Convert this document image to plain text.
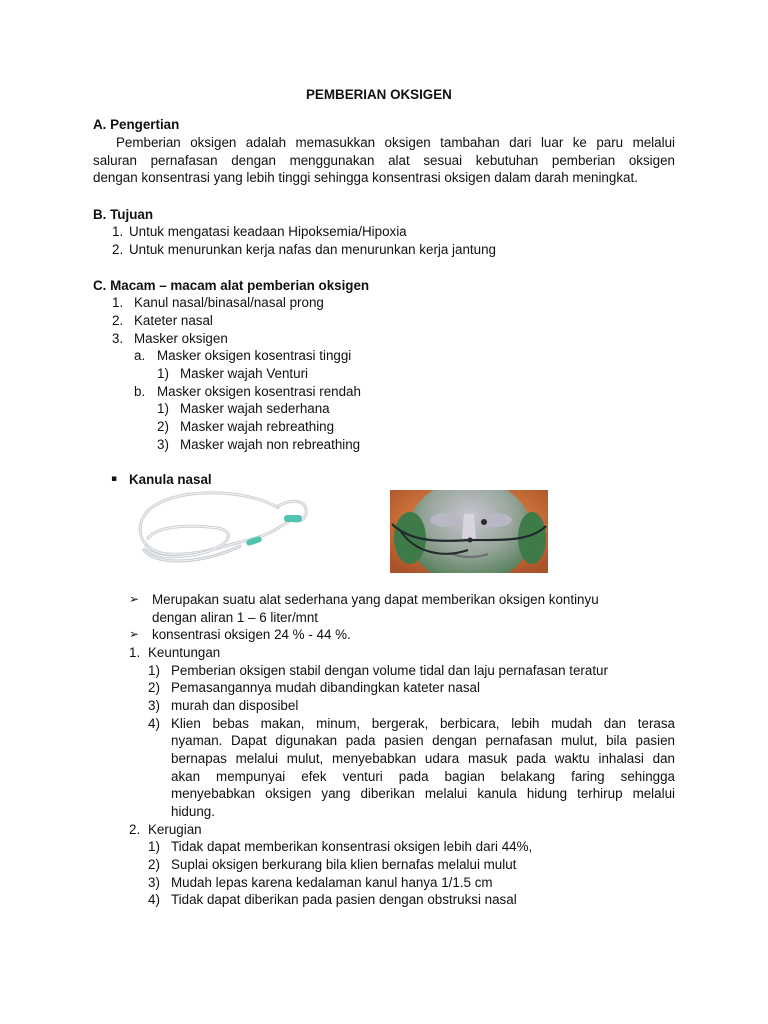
PEMBERIAN OKSIGEN
A. Pengertian
Pemberian oksigen adalah memasukkan oksigen tambahan dari luar ke paru melalui
saluran pernafasan dengan menggunakan alat sesuai kebutuhan pemberian oksigen
dengan konsentrasi yang lebih tinggi sehingga konsentrasi oksigen dalam darah meningkat.
B. Tujuan
1. Untuk mengatasi keadaan Hipoksemia/Hipoxia
2. Untuk menurunkan kerja nafas dan menurunkan kerja jantung
C. Macam – macam alat pemberian oksigen
1. Kanul nasal/binasal/nasal prong
2. Kateter nasal
3. Masker oksigen
a. Masker oksigen kosentrasi tinggi
1) Masker wajah Venturi
b. Masker oksigen kosentrasi rendah
1) Masker wajah sederhana
2) Masker wajah rebreathing
3) Masker wajah non rebreathing
▪ Kanula nasal
➢ Merupakan suatu alat sederhana yang dapat memberikan oksigen kontinyu
dengan aliran 1 – 6 liter/mnt
➢ konsentrasi oksigen 24 % - 44 %.
1. Keuntungan
1) Pemberian oksigen stabil dengan volume tidal dan laju pernafasan teratur
2) Pemasangannya mudah dibandingkan kateter nasal
3) murah dan disposibel
4) Klien bebas makan, minum, bergerak, berbicara, lebih mudah dan terasa
nyaman. Dapat digunakan pada pasien dengan pernafasan mulut, bila pasien
bernapas melalui mulut, menyebabkan udara masuk pada waktu inhalasi dan
akan mempunyai efek venturi pada bagian belakang faring sehingga
menyebabkan oksigen yang diberikan melalui kanula hidung terhirup melalui
hidung.
2. Kerugian
1) Tidak dapat memberikan konsentrasi oksigen lebih dari 44%,
2) Suplai oksigen berkurang bila klien bernafas melalui mulut
3) Mudah lepas karena kedalaman kanul hanya 1/1.5 cm
4) Tidak dapat diberikan pada pasien dengan obstruksi nasal
